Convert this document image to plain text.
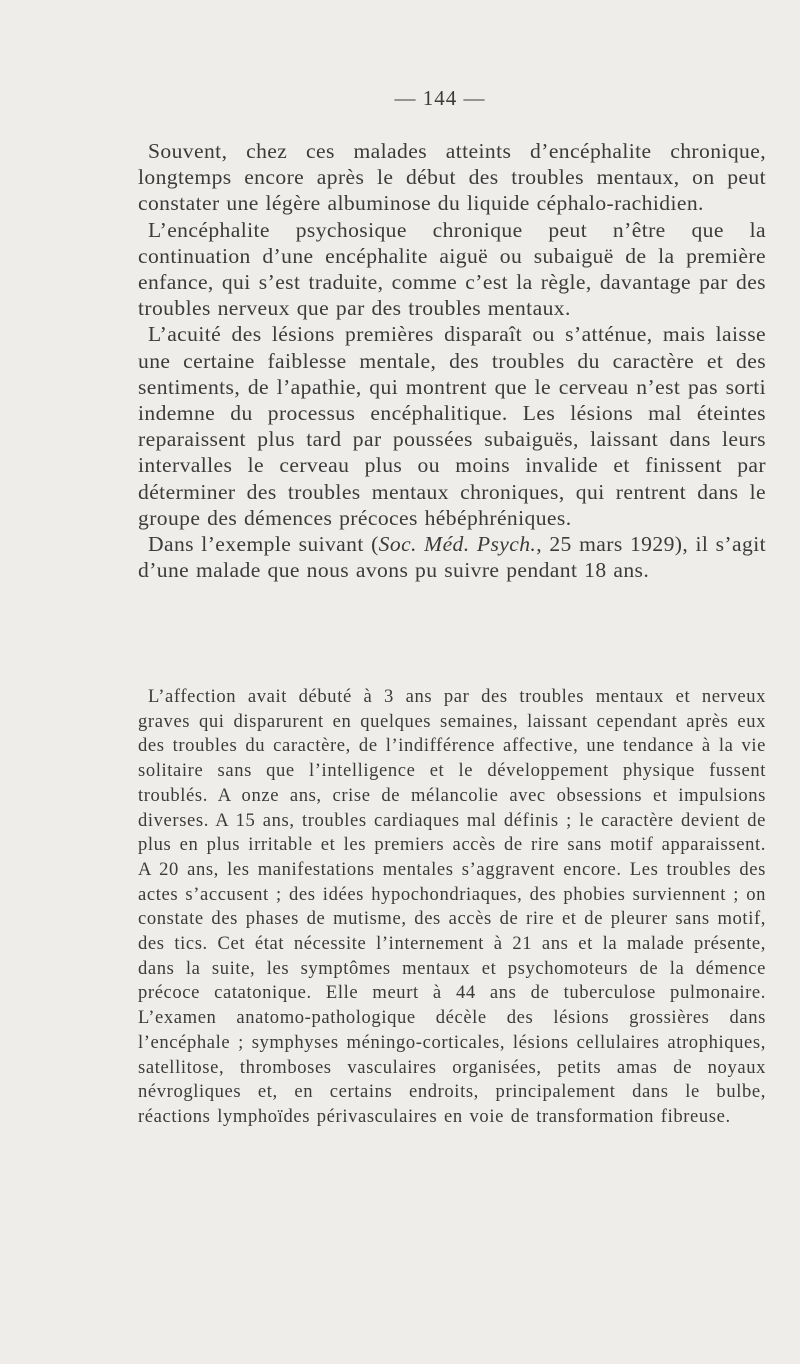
— 144 —

Souvent, chez ces malades atteints d’encéphalite chronique, longtemps encore après le début des troubles mentaux, on peut constater une légère albuminose du liquide céphalo-rachidien.

L’encéphalite psychosique chronique peut n’être que la continuation d’une encéphalite aiguë ou subaiguë de la première enfance, qui s’est traduite, comme c’est la règle, davantage par des troubles nerveux que par des troubles mentaux.

L’acuité des lésions premières disparaît ou s’atténue, mais laisse une certaine faiblesse mentale, des troubles du caractère et des sentiments, de l’apathie, qui montrent que le cerveau n’est pas sorti indemne du processus encéphalitique. Les lésions mal éteintes reparaissent plus tard par poussées subaiguës, laissant dans leurs intervalles le cerveau plus ou moins invalide et finissent par déterminer des troubles mentaux chroniques, qui rentrent dans le groupe des démences précoces hébéphréniques.

Dans l’exemple suivant (Soc. Méd. Psych., 25 mars 1929), il s’agit d’une malade que nous avons pu suivre pendant 18 ans.

L’affection avait débuté à 3 ans par des troubles mentaux et nerveux graves qui disparurent en quelques semaines, laissant cependant après eux des troubles du caractère, de l’indifférence affective, une tendance à la vie solitaire sans que l’intelligence et le développement physique fussent troublés. A onze ans, crise de mélancolie avec obsessions et impulsions diverses. A 15 ans, troubles cardiaques mal définis ; le caractère devient de plus en plus irritable et les premiers accès de rire sans motif apparaissent. A 20 ans, les manifestations mentales s’aggravent encore. Les troubles des actes s’accusent ; des idées hypochondriaques, des phobies surviennent ; on constate des phases de mutisme, des accès de rire et de pleurer sans motif, des tics. Cet état nécessite l’internement à 21 ans et la malade présente, dans la suite, les symptômes mentaux et psychomoteurs de la démence précoce catatonique. Elle meurt à 44 ans de tuberculose pulmonaire. L’examen anatomo-pathologique décèle des lésions grossières dans l’encéphale ; symphyses méningo-corticales, lésions cellulaires atrophiques, satellitose, thromboses vasculaires organisées, petits amas de noyaux névrogliques et, en certains endroits, principalement dans le bulbe, réactions lymphoïdes périvasculaires en voie de transformation fibreuse.
